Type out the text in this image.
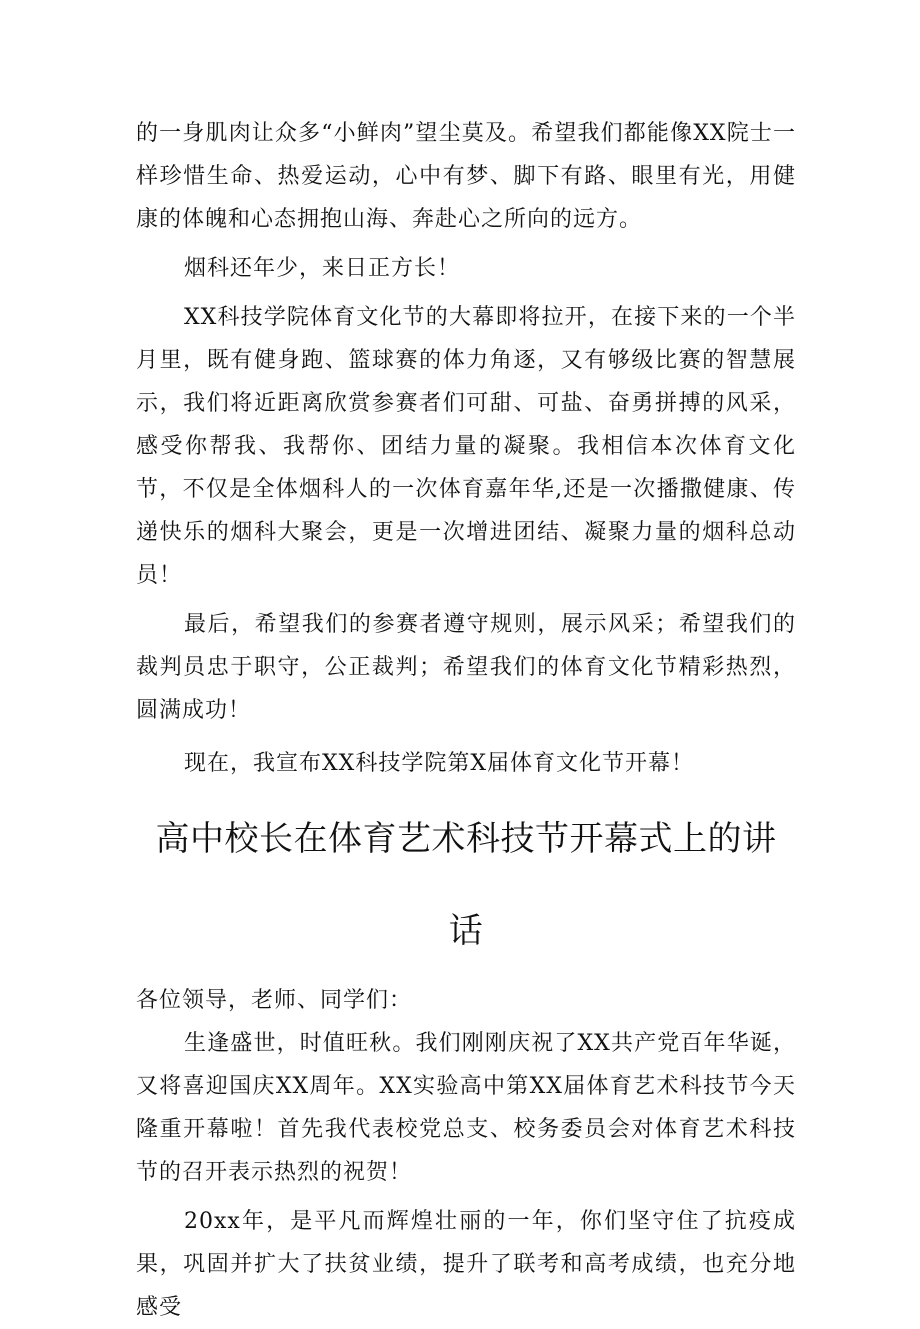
的一身肌肉让众多“小鲜肉”望尘莫及。希望我们都能像XX院士一样珍惜生命、热爱运动，心中有梦、脚下有路、眼里有光，用健康的体魄和心态拥抱山海、奔赴心之所向的远方。

烟科还年少，来日正方长！

XX科技学院体育文化节的大幕即将拉开，在接下来的一个半月里，既有健身跑、篮球赛的体力角逐，又有够级比赛的智慧展示，我们将近距离欣赏参赛者们可甜、可盐、奋勇拼搏的风采，感受你帮我、我帮你、团结力量的凝聚。我相信本次体育文化节，不仅是全体烟科人的一次体育嘉年华,还是一次播撒健康、传递快乐的烟科大聚会，更是一次增进团结、凝聚力量的烟科总动员！

最后，希望我们的参赛者遵守规则，展示风采；希望我们的裁判员忠于职守，公正裁判；希望我们的体育文化节精彩热烈，圆满成功！

现在，我宣布XX科技学院第X届体育文化节开幕！

高中校长在体育艺术科技节开幕式上的讲
话

各位领导，老师、同学们：

生逢盛世，时值旺秋。我们刚刚庆祝了XX共产党百年华诞，又将喜迎国庆XX周年。XX实验高中第XX届体育艺术科技节今天隆重开幕啦！首先我代表校党总支、校务委员会对体育艺术科技节的召开表示热烈的祝贺！

20xx年，是平凡而辉煌壮丽的一年，你们坚守住了抗疫成果，巩固并扩大了扶贫业绩，提升了联考和高考成绩，也充分地感受
